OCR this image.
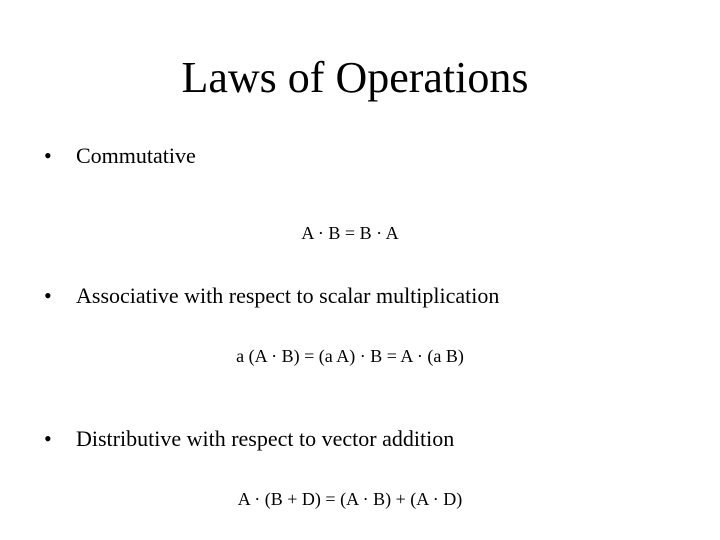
Laws of Operations
• Commutative
A · B = B · A
• Associative with respect to scalar multiplication
a (A · B) = (a A) · B = A · (a B)
• Distributive with respect to vector addition
A · (B + D) = (A · B) + (A · D)
